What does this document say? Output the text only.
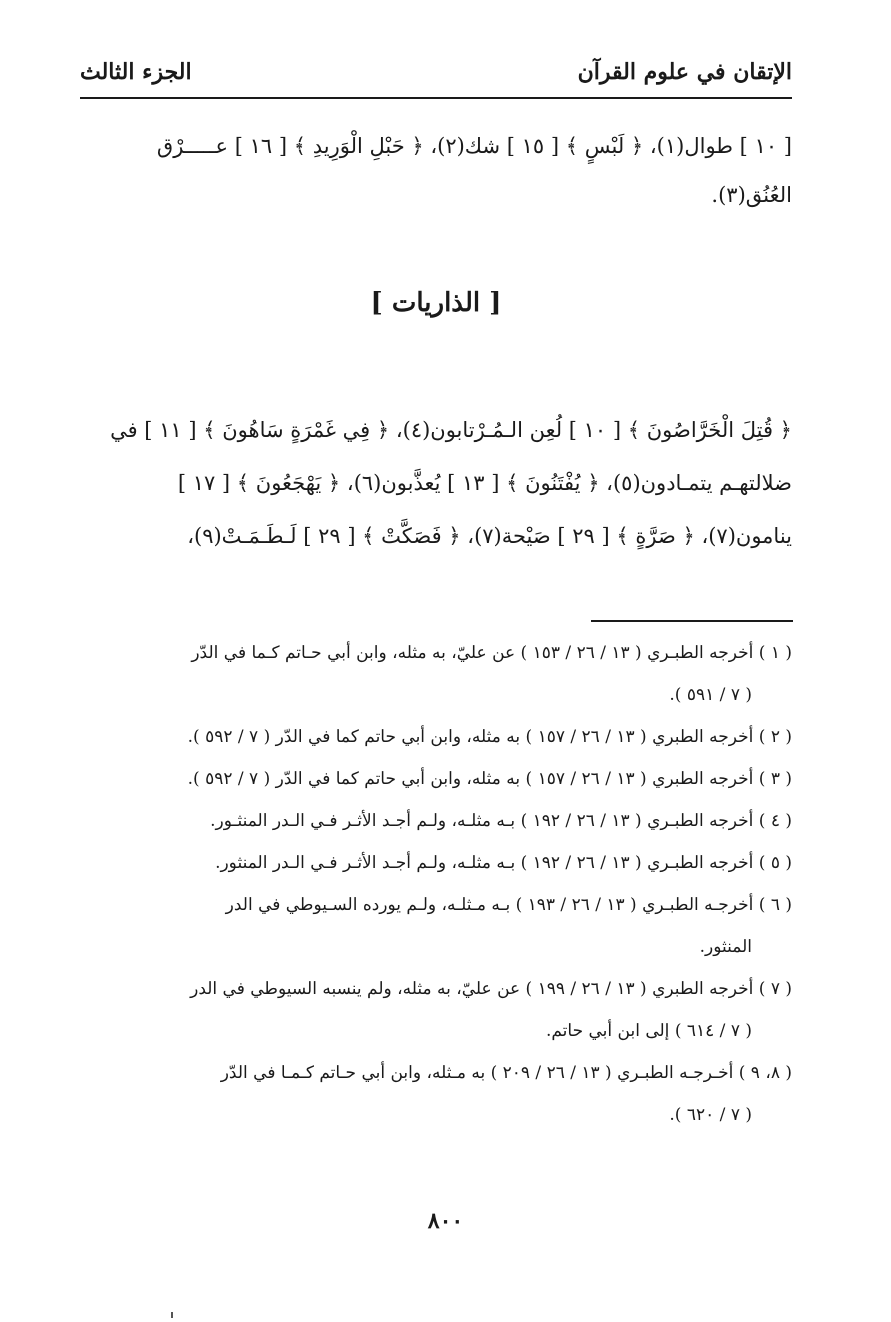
الإتقان في علوم القرآن
الجزء الثالث
[ ١٠ ] طوال(١)، ﴿ لَبْسٍ ﴾ [ ١٥ ] شك(٢)، ﴿ حَبْلِ الْوَرِيدِ ﴾ [ ١٦ ] عـــــرْق
العُنُق(٣).
[ الذاريات ]
﴿ قُتِلَ الْخَرَّاصُونَ ﴾ [ ١٠ ] لُعِن الـمُـرْتابون(٤)، ﴿ فِي غَمْرَةٍ سَاهُونَ ﴾ [ ١١ ] في
ضلالتهـم يتمـادون(٥)، ﴿ يُفْتَنُونَ ﴾ [ ١٣ ] يُعذَّبون(٦)، ﴿ يَهْجَعُونَ ﴾ [ ١٧ ]
ينامون(٧)، ﴿ صَرَّةٍ ﴾ [ ٢٩ ] صَيْحة(٧)، ﴿ فَصَكَّتْ ﴾ [ ٢٩ ] لَـطَـمَـتْ(٩)،
( ١ ) أخرجه الطبـري ( ١٣ / ٢٦ / ١٥٣ ) عن عليّ، به مثله، وابن أبي حـاتم كـما في الدّر
( ٧ / ٥٩١ ).
( ٢ ) أخرجه الطبري ( ١٣ / ٢٦ / ١٥٧ ) به مثله، وابن أبي حاتم كما في الدّر ( ٧ / ٥٩٢ ).
( ٣ ) أخرجه الطبري ( ١٣ / ٢٦ / ١٥٧ ) به مثله، وابن أبي حاتم كما في الدّر ( ٧ / ٥٩٢ ).
( ٤ ) أخرجه الطبـري ( ١٣ / ٢٦ / ١٩٢ ) بـه مثلـه، ولـم أجـد الأثـر فـي الـدر المنثـور.
( ٥ ) أخرجه الطبـري ( ١٣ / ٢٦ / ١٩٢ ) بـه مثلـه، ولـم أجـد الأثـر فـي الـدر المنثور.
( ٦ ) أخرجـه الطبـري ( ١٣ / ٢٦ / ١٩٣ ) بـه مـثلـه، ولـم يورده السـيوطي في الدر
المنثور.
( ٧ ) أخرجه الطبري ( ١٣ / ٢٦ / ١٩٩ ) عن عليّ، به مثله، ولم ينسبه السيوطي في الدر
( ٧ / ٦١٤ ) إلى ابن أبي حاتم.
( ٨، ٩ ) أخـرجـه الطبـري ( ١٣ / ٢٦ / ٢٠٩ ) به مـثله، وابن أبي حـاتم كـمـا في الدّر
( ٧ / ٦٢٠ ).
٨٠٠
